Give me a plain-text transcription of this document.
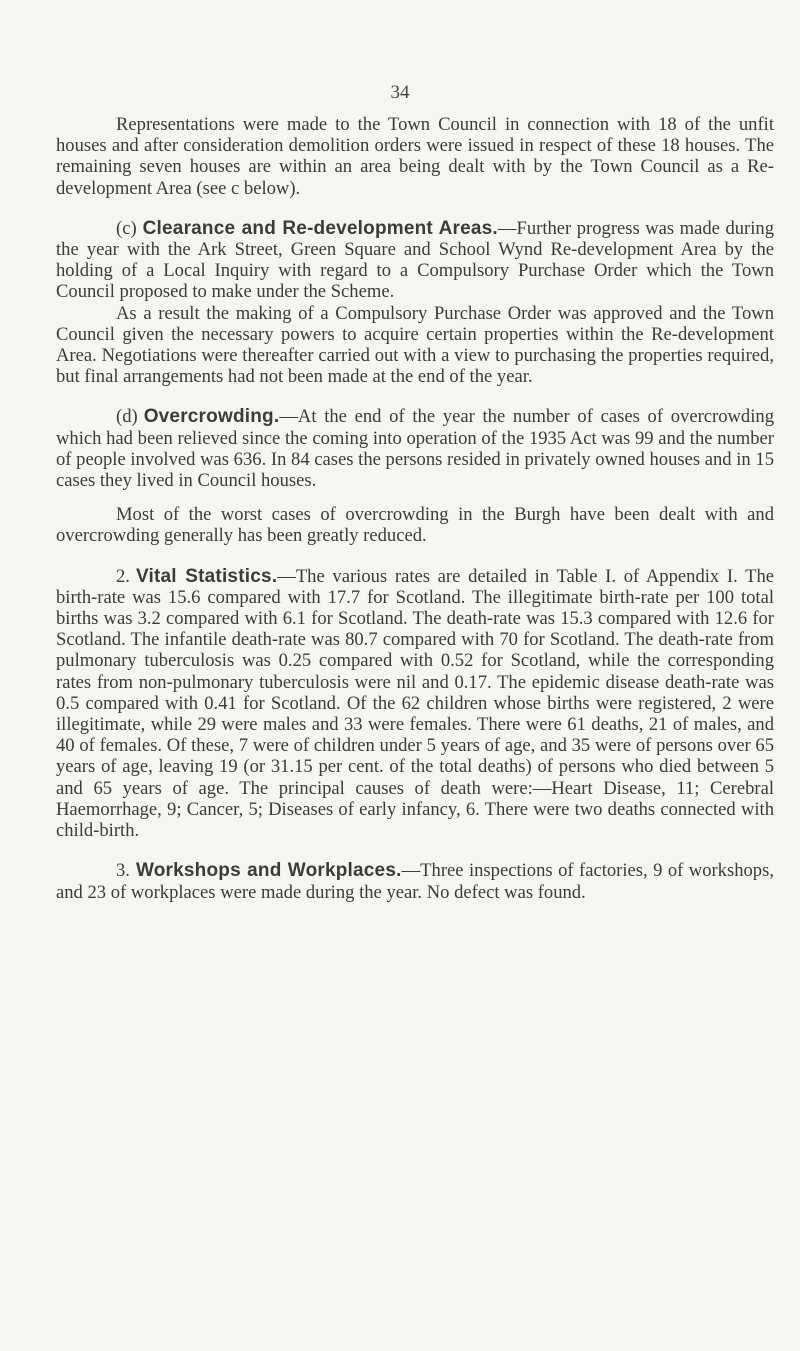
34

Representations were made to the Town Council in connection with 18 of the unfit houses and after consideration demolition orders were issued in respect of these 18 houses. The remaining seven houses are within an area being dealt with by the Town Council as a Re-development Area (see c below).

(c) Clearance and Re-development Areas.—Further progress was made during the year with the Ark Street, Green Square and School Wynd Re-development Area by the holding of a Local Inquiry with regard to a Compulsory Purchase Order which the Town Council proposed to make under the Scheme.

As a result the making of a Compulsory Purchase Order was approved and the Town Council given the necessary powers to acquire certain properties within the Re-development Area. Negotiations were thereafter carried out with a view to purchasing the properties required, but final arrangements had not been made at the end of the year.

(d) Overcrowding.—At the end of the year the number of cases of overcrowding which had been relieved since the coming into operation of the 1935 Act was 99 and the number of people involved was 636. In 84 cases the persons resided in privately owned houses and in 15 cases they lived in Council houses.

Most of the worst cases of overcrowding in the Burgh have been dealt with and overcrowding generally has been greatly reduced.

2. Vital Statistics.—The various rates are detailed in Table I. of Appendix I. The birth-rate was 15.6 compared with 17.7 for Scotland. The illegitimate birth-rate per 100 total births was 3.2 compared with 6.1 for Scotland. The death-rate was 15.3 compared with 12.6 for Scotland. The infantile death-rate was 80.7 compared with 70 for Scotland. The death-rate from pulmonary tuberculosis was 0.25 compared with 0.52 for Scotland, while the corresponding rates from non-pulmonary tuberculosis were nil and 0.17. The epidemic disease death-rate was 0.5 compared with 0.41 for Scotland. Of the 62 children whose births were registered, 2 were illegitimate, while 29 were males and 33 were females. There were 61 deaths, 21 of males, and 40 of females. Of these, 7 were of children under 5 years of age, and 35 were of persons over 65 years of age, leaving 19 (or 31.15 per cent. of the total deaths) of persons who died between 5 and 65 years of age. The principal causes of death were:—Heart Disease, 11; Cerebral Haemorrhage, 9; Cancer, 5; Diseases of early infancy, 6. There were two deaths connected with child-birth.

3. Workshops and Workplaces.—Three inspections of factories, 9 of workshops, and 23 of workplaces were made during the year. No defect was found.
